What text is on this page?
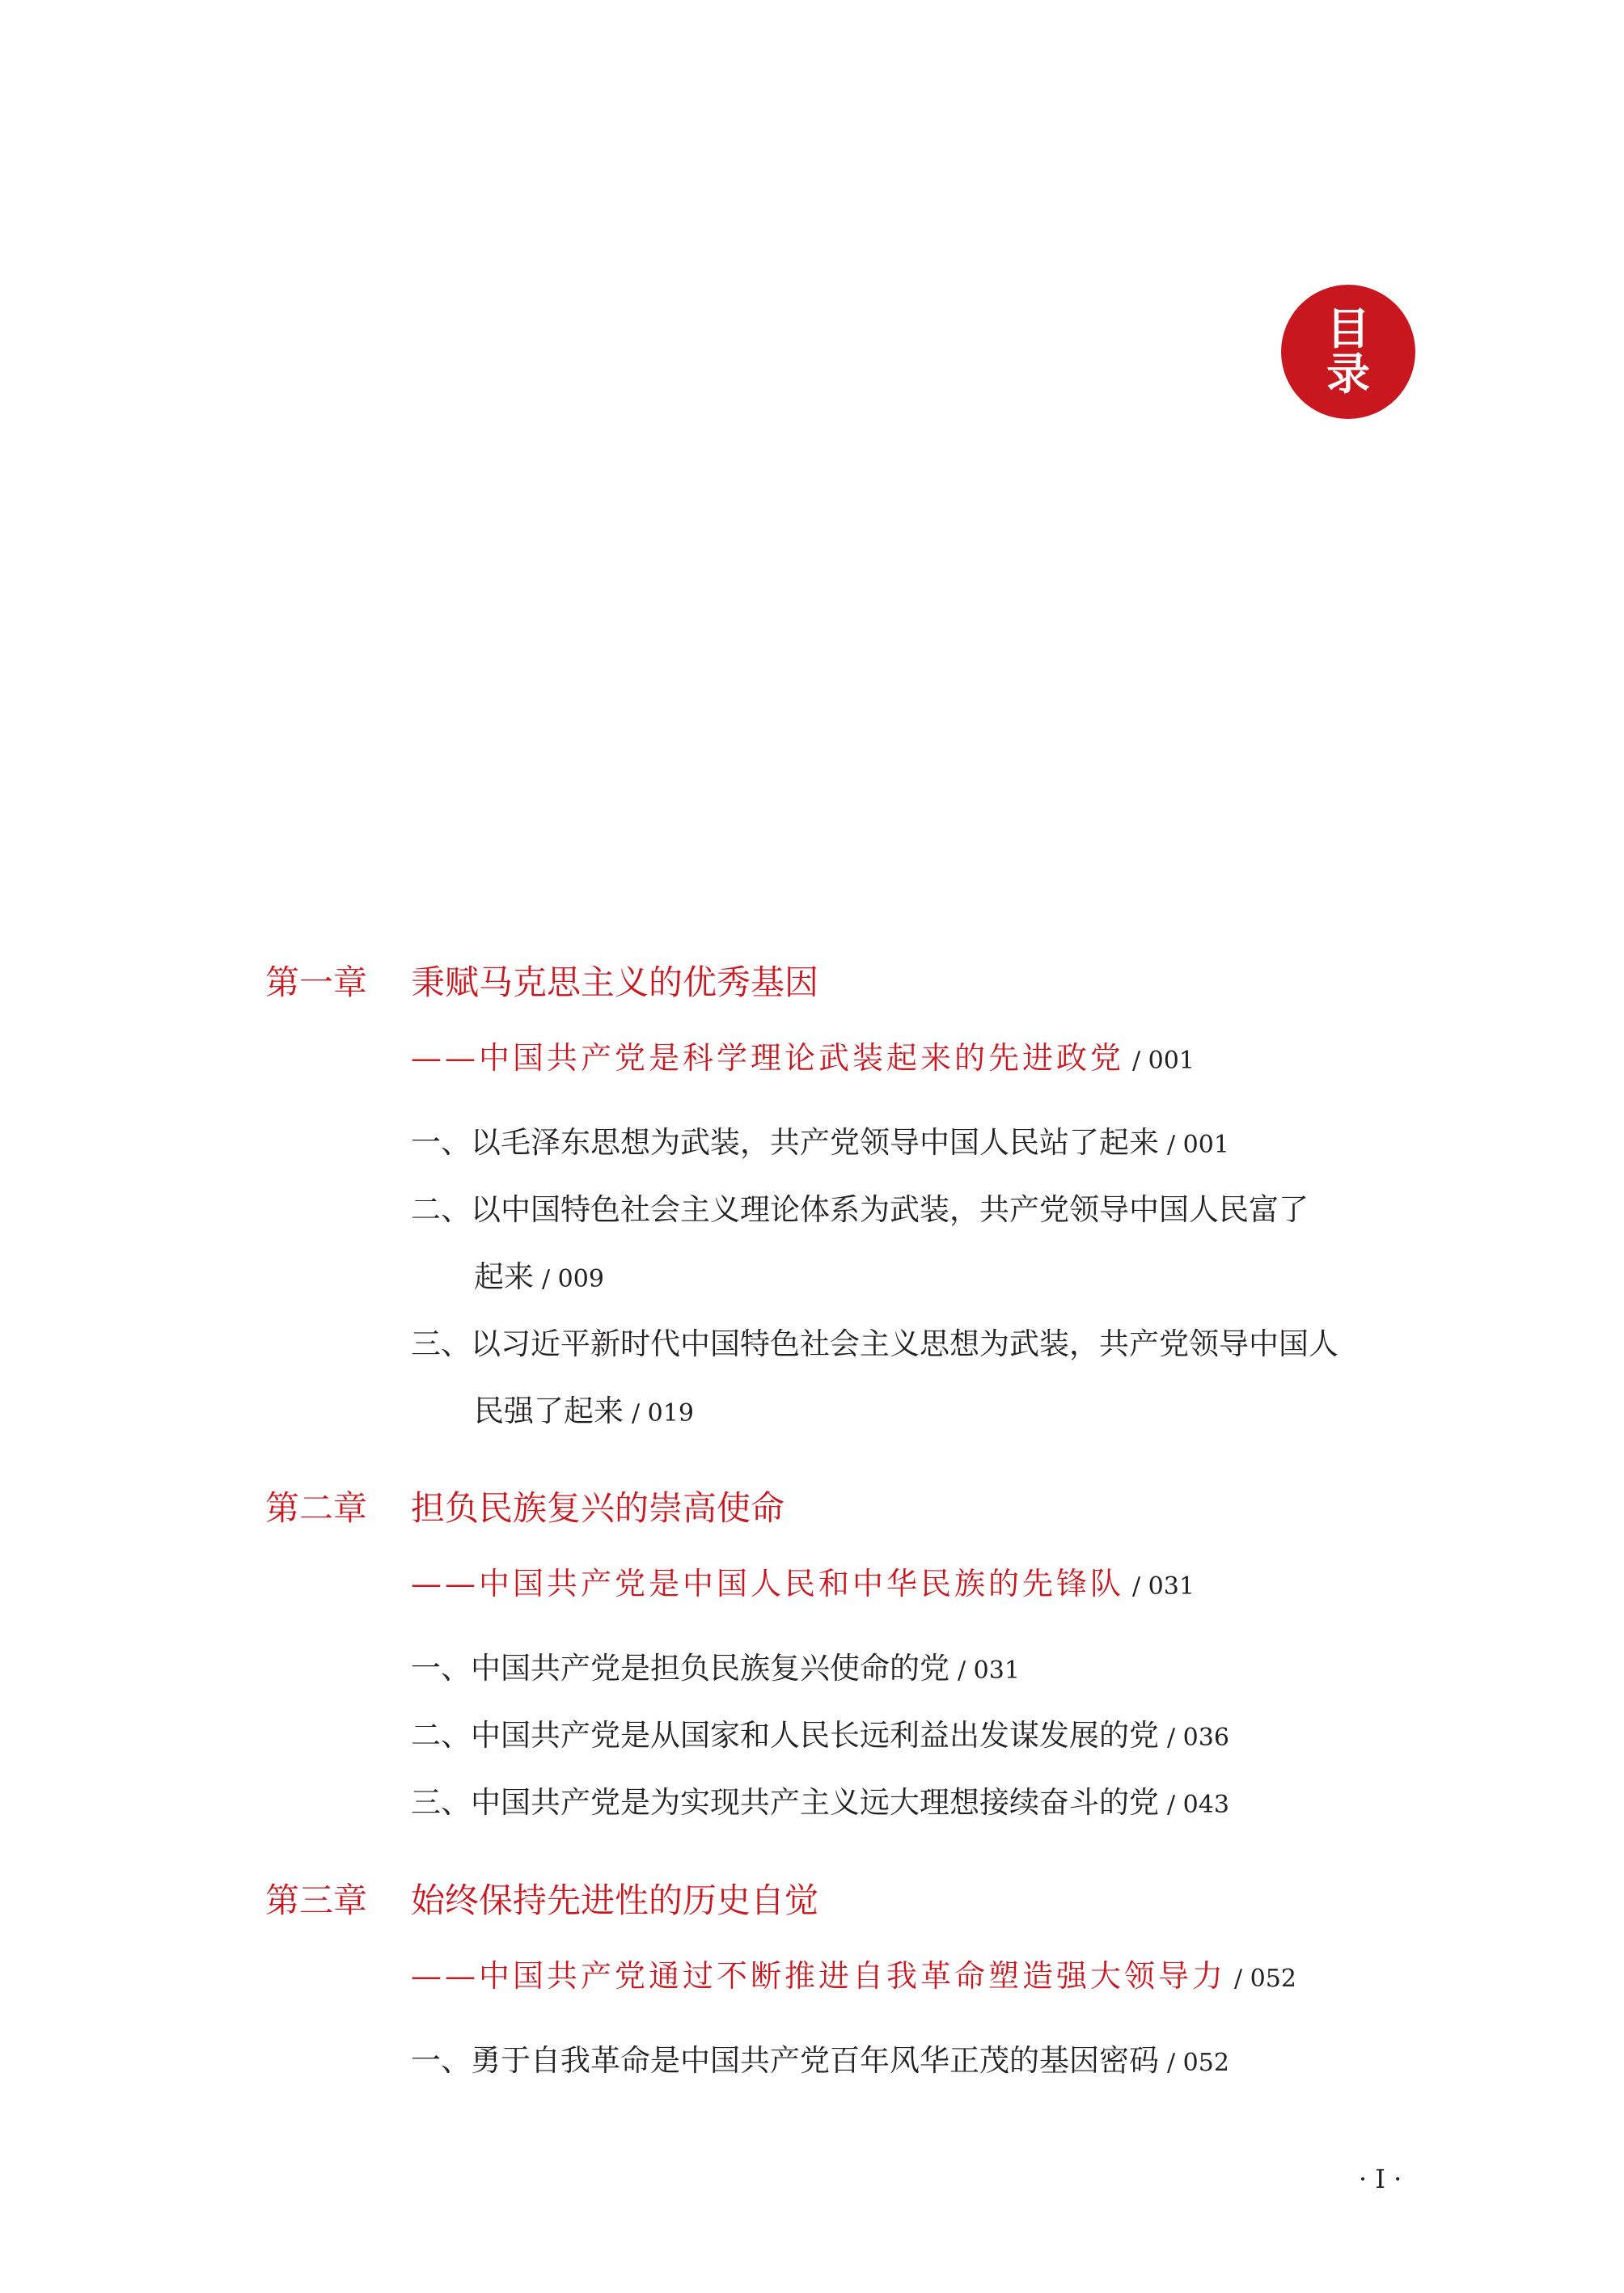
目
录
第一章 秉赋马克思主义的优秀基因
——中国共产党是科学理论武装起来的先进政党 / 001
一、以毛泽东思想为武装，共产党领导中国人民站了起来 / 001
二、以中国特色社会主义理论体系为武装，共产党领导中国人民富了
起来 / 009
三、以习近平新时代中国特色社会主义思想为武装，共产党领导中国人
民强了起来 / 019
第二章 担负民族复兴的崇高使命
——中国共产党是中国人民和中华民族的先锋队 / 031
一、中国共产党是担负民族复兴使命的党 / 031
二、中国共产党是从国家和人民长远利益出发谋发展的党 / 036
三、中国共产党是为实现共产主义远大理想接续奋斗的党 / 043
第三章 始终保持先进性的历史自觉
——中国共产党通过不断推进自我革命塑造强大领导力 / 052
一、勇于自我革命是中国共产党百年风华正茂的基因密码 / 052
· I ·
